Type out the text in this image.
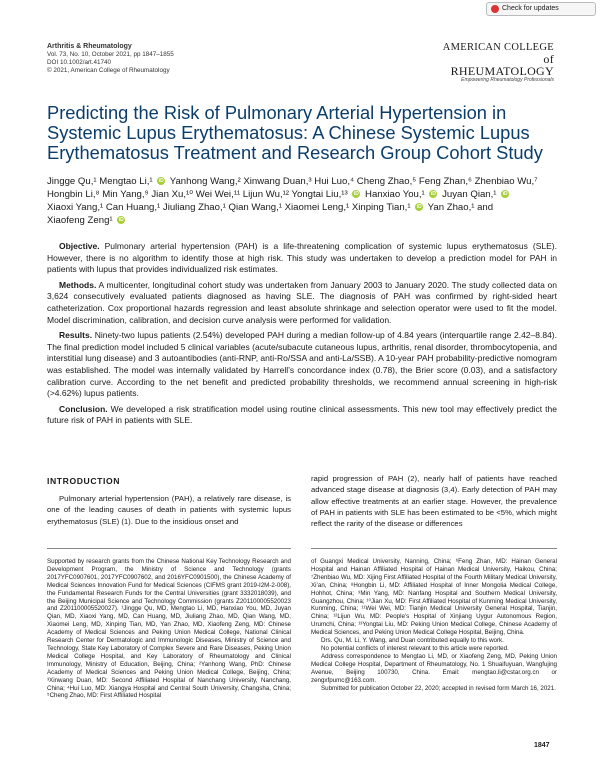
Check for updates
Arthritis & Rheumatology
Vol. 73, No. 10, October 2021, pp 1847–1855
DOI 10.1002/art.41740
© 2021, American College of Rheumatology
AMERICAN COLLEGE
of RHEUMATOLOGY
Empowering Rheumatology Professionals
Predicting the Risk of Pulmonary Arterial Hypertension in Systemic Lupus Erythematosus: A Chinese Systemic Lupus Erythematosus Treatment and Research Group Cohort Study
Jingge Qu,¹ Mengtao Li,¹ iD Yanhong Wang,² Xinwang Duan,³ Hui Luo,⁴ Cheng Zhao,⁵ Feng Zhan,⁶ Zhenbiao Wu,⁷
Hongbin Li,⁸ Min Yang,⁹ Jian Xu,¹⁰ Wei Wei,¹¹ Lijun Wu,¹² Yongtai Liu,¹³ iD Hanxiao You,¹ iD Juyan Qian,¹ iD
Xiaoxi Yang,¹ Can Huang,¹ Jiuliang Zhao,¹ Qian Wang,¹ Xiaomei Leng,¹ Xinping Tian,¹ iD Yan Zhao,¹ and
Xiaofeng Zeng¹ iD

Objective. Pulmonary arterial hypertension (PAH) is a life-threatening complication of systemic lupus erythematosus (SLE). However, there is no algorithm to identify those at high risk. This study was undertaken to develop a prediction model for PAH in patients with lupus that provides individualized risk estimates.

Methods. A multicenter, longitudinal cohort study was undertaken from January 2003 to January 2020. The study collected data on 3,624 consecutively evaluated patients diagnosed as having SLE. The diagnosis of PAH was confirmed by right-sided heart catheterization. Cox proportional hazards regression and least absolute shrinkage and selection operator were used to fit the model. Model discrimination, calibration, and decision curve analysis were performed for validation.

Results. Ninety-two lupus patients (2.54%) developed PAH during a median follow-up of 4.84 years (interquartile range 2.42–8.84). The final prediction model included 5 clinical variables (acute/subacute cutaneous lupus, arthritis, renal disorder, thrombocytopenia, and interstitial lung disease) and 3 autoantibodies (anti-RNP, anti-Ro/SSA and anti-La/SSB). A 10-year PAH probability-predictive nomogram was established. The model was internally validated by Harrell’s concordance index (0.78), the Brier score (0.03), and a satisfactory calibration curve. According to the net benefit and predicted probability thresholds, we recommend annual screening in high-risk (>4.62%) lupus patients.

Conclusion. We developed a risk stratification model using routine clinical assessments. This new tool may effectively predict the future risk of PAH in patients with SLE.

INTRODUCTION

Pulmonary arterial hypertension (PAH), a relatively rare disease, is one of the leading causes of death in patients with systemic lupus erythematosus (SLE) (1). Due to the insidious onset and

rapid progression of PAH (2), nearly half of patients have reached advanced stage disease at diagnosis (3,4). Early detection of PAH may allow effective treatments at an earlier stage. However, the prevalence of PAH in patients with SLE has been estimated to be <5%, which might reflect the rarity of the disease or differences

Supported by research grants from the Chinese National Key Technology Research and Development Program, the Ministry of Science and Technology (grants 2017YFC0907601, 2017YFC0907602, and 2016YFC0901500), the Chinese Academy of Medical Sciences Innovation Fund for Medical Sciences (CIFMS grant 2019-I2M-2-008), the Fundamental Research Funds for the Central Universities (grant 3332018039), and the Beijing Municipal Science and Technology Commission (grants Z201100005520023 and Z201100005520027). ¹Jingge Qu, MD, Mengtao Li, MD, Hanxiao You, MD, Juyan Qian, MD, Xiaoxi Yang, MD, Can Huang, MD, Jiuliang Zhao, MD, Qian Wang, MD, Xiaomei Leng, MD, Xinping Tian, MD, Yan Zhao, MD, Xiaofeng Zeng, MD: Chinese Academy of Medical Sciences and Peking Union Medical College, National Clinical Research Center for Dermatologic and Immunologic Diseases, Ministry of Science and Technology, State Key Laboratory of Complex Severe and Rare Diseases, Peking Union Medical College Hospital, and Key Laboratory of Rheumatology and Clinical Immunology, Ministry of Education, Beijing, China; ²Yanhong Wang, PhD: Chinese Academy of Medical Sciences and Peking Union Medical College, Beijing, China; ³Xinwang Duan, MD: Second Affiliated Hospital of Nanchang University, Nanchang, China; ⁴Hui Luo, MD: Xiangya Hospital and Central South University, Changsha, China; ⁵Cheng Zhao, MD: First Affiliated Hospital
of Guangxi Medical University, Nanning, China; ⁶Feng Zhan, MD: Hainan General Hospital and Hainan Affiliated Hospital of Hainan Medical University, Haikou, China; ⁷Zhenbiao Wu, MD: Xijing First Affiliated Hospital of the Fourth Military Medical University, Xi’an, China; ⁸Hongbin Li, MD: Affiliated Hospital of Inner Mongolia Medical College, Hohhot, China; ⁹Min Yang, MD: Nanfang Hospital and Southern Medical University, Guangzhou, China; ¹⁰Jian Xu, MD: First Affiliated Hospital of Kunming Medical University, Kunming, China; ¹¹Wei Wei, MD: Tianjin Medical University General Hospital, Tianjin, China; ¹²Lijun Wu, MD: People’s Hospital of Xinjiang Uygur Autonomous Region, Urumchi, China; ¹³Yongtai Liu, MD: Peking Union Medical College, Chinese Academy of Medical Sciences, and Peking Union Medical College Hospital, Beijing, China.

Drs. Qu, M. Li, Y. Wang, and Duan contributed equally to this work.

No potential conflicts of interest relevant to this article were reported.

Address correspondence to Mengtao Li, MD, or Xiaofeng Zeng, MD, Peking Union Medical College Hospital, Department of Rheumatology, No. 1 Shuaifuyuan, Wangfujing Avenue, Beijing 100730, China. Email: mengtao.li@cstar.org.cn or zengxfpumc@163.com.

Submitted for publication October 22, 2020; accepted in revised form March 16, 2021.

1847
